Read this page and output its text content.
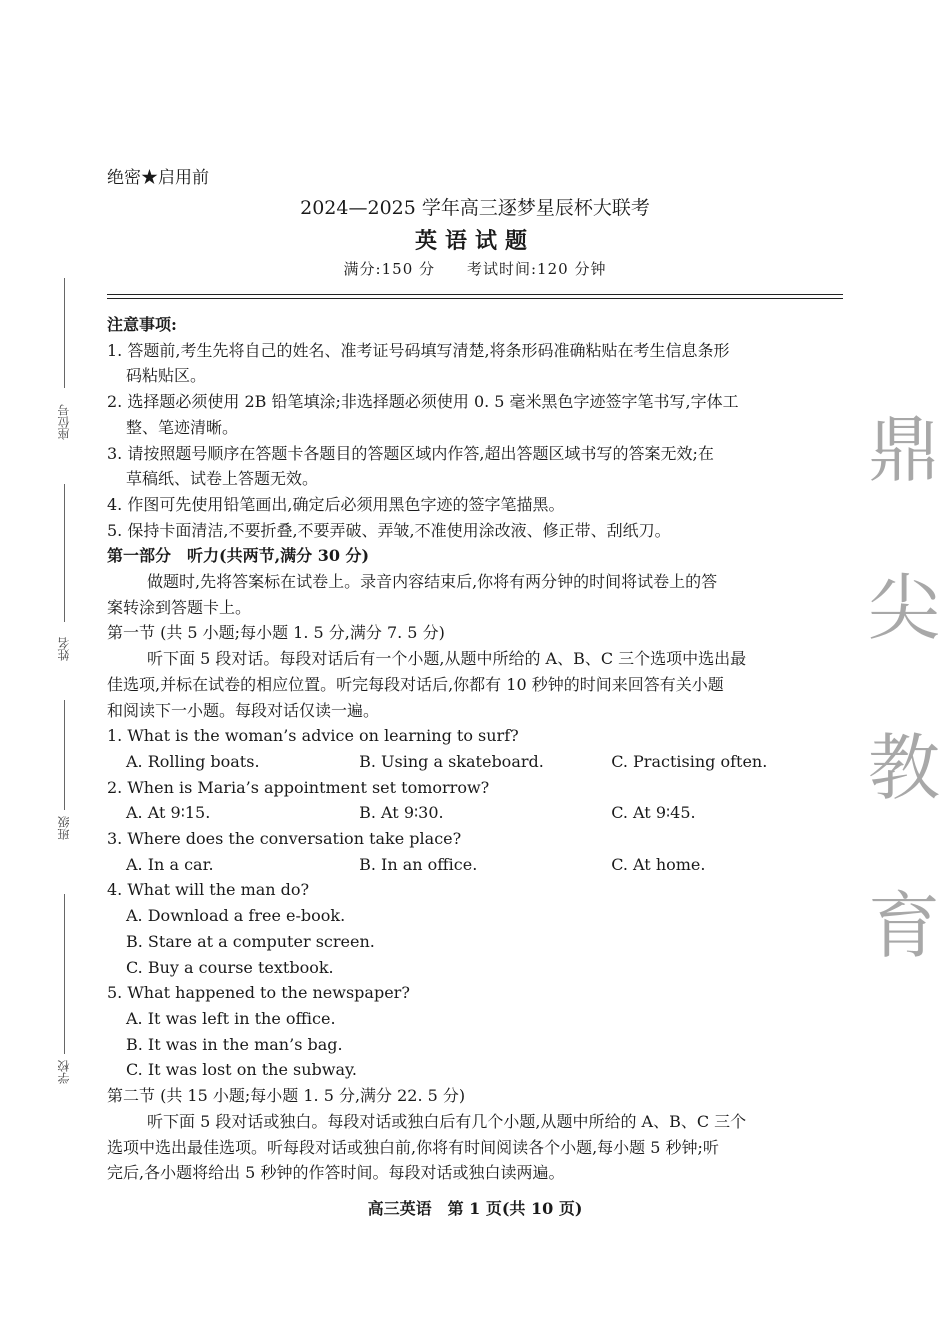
绝密★启用前
2024—2025 学年高三逐梦星辰杯大联考
英语试题
满分:150 分　　考试时间:120 分钟
座位号
姓名
班级
学校
鼎
尖
教
育
注意事项:
1. 答题前,考生先将自己的姓名、准考证号码填写清楚,将条形码准确粘贴在考生信息条形
码粘贴区。
2. 选择题必须使用 2B 铅笔填涂;非选择题必须使用 0. 5 毫米黑色字迹签字笔书写,字体工
整、笔迹清晰。
3. 请按照题号顺序在答题卡各题目的答题区域内作答,超出答题区域书写的答案无效;在
草稿纸、试卷上答题无效。
4. 作图可先使用铅笔画出,确定后必须用黑色字迹的签字笔描黑。
5. 保持卡面清洁,不要折叠,不要弄破、弄皱,不准使用涂改液、修正带、刮纸刀。
第一部分　听力(共两节,满分 30 分)
做题时,先将答案标在试卷上。录音内容结束后,你将有两分钟的时间将试卷上的答
案转涂到答题卡上。
第一节 (共 5 小题;每小题 1. 5 分,满分 7. 5 分)
听下面 5 段对话。每段对话后有一个小题,从题中所给的 A、B、C 三个选项中选出最
佳选项,并标在试卷的相应位置。听完每段对话后,你都有 10 秒钟的时间来回答有关小题
和阅读下一小题。每段对话仅读一遍。
1. What is the woman’s advice on learning to surf?
A. Rolling boats.	B. Using a skateboard.	C. Practising often.
2. When is Maria’s appointment set tomorrow?
A. At 9∶15.	B. At 9∶30.	C. At 9∶45.
3. Where does the conversation take place?
A. In a car.	B. In an office.	C. At home.
4. What will the man do?
A. Download a free e-book.
B. Stare at a computer screen.
C. Buy a course textbook.
5. What happened to the newspaper?
A. It was left in the office.
B. It was in the man’s bag.
C. It was lost on the subway.
第二节 (共 15 小题;每小题 1. 5 分,满分 22. 5 分)
听下面 5 段对话或独白。每段对话或独白后有几个小题,从题中所给的 A、B、C 三个
选项中选出最佳选项。听每段对话或独白前,你将有时间阅读各个小题,每小题 5 秒钟;听
完后,各小题将给出 5 秒钟的作答时间。每段对话或独白读两遍。
高三英语　第 1 页(共 10 页)
